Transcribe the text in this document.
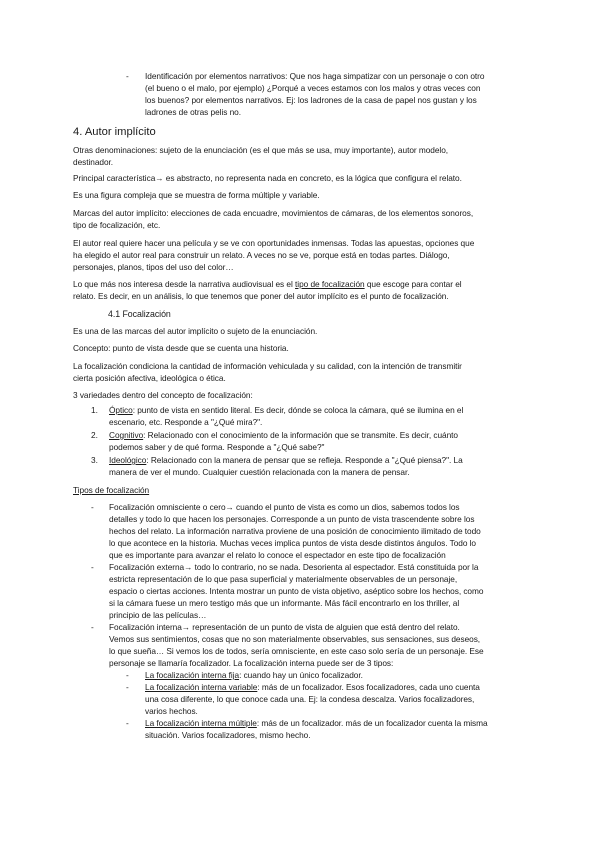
- Identificación por elementos narrativos: Que nos haga simpatizar con un personaje o con otro
(el bueno o el malo, por ejemplo) ¿Porqué a veces estamos con los malos y otras veces con
los buenos? por elementos narrativos. Ej: los ladrones de la casa de papel nos gustan y los
ladrones de otras pelis no.
4. Autor implícito
Otras denominaciones: sujeto de la enunciación (es el que más se usa, muy importante), autor modelo,
destinador.
Principal característica→ es abstracto, no representa nada en concreto, es la lógica que configura el relato.
Es una figura compleja que se muestra de forma múltiple y variable.
Marcas del autor implícito: elecciones de cada encuadre, movimientos de cámaras, de los elementos sonoros,
tipo de focalización, etc.
El autor real quiere hacer una película y se ve con oportunidades inmensas. Todas las apuestas, opciones que
ha elegido el autor real para construir un relato. A veces no se ve, porque está en todas partes. Diálogo,
personajes, planos, tipos del uso del color…
Lo que más nos interesa desde la narrativa audiovisual es el tipo de focalización que escoge para contar el
relato. Es decir, en un análisis, lo que tenemos que poner del autor implícito es el punto de focalización.
4.1 Focalización
Es una de las marcas del autor implícito o sujeto de la enunciación.
Concepto: punto de vista desde que se cuenta una historia.
La focalización condiciona la cantidad de información vehiculada y su calidad, con la intención de transmitir
cierta posición afectiva, ideológica o ética.
3 variedades dentro del concepto de focalización:
1. Óptico: punto de vista en sentido literal. Es decir, dónde se coloca la cámara, qué se ilumina en el
escenario, etc. Responde a "¿Qué mira?".
2. Cognitivo: Relacionado con el conocimiento de la información que se transmite. Es decir, cuánto
podemos saber y de qué forma. Responde a "¿Qué sabe?"
3. Ideológico: Relacionado con la manera de pensar que se refleja. Responde a "¿Qué piensa?". La
manera de ver el mundo. Cualquier cuestión relacionada con la manera de pensar.
Tipos de focalización
- Focalización omnisciente o cero→ cuando el punto de vista es como un dios, sabemos todos los
detalles y todo lo que hacen los personajes. Corresponde a un punto de vista trascendente sobre los
hechos del relato. La información narrativa proviene de una posición de conocimiento ilimitado de todo
lo que acontece en la historia. Muchas veces implica puntos de vista desde distintos ángulos. Todo lo
que es importante para avanzar el relato lo conoce el espectador en este tipo de focalización
- Focalización externa→ todo lo contrario, no se nada. Desorienta al espectador. Está constituida por la
estricta representación de lo que pasa superficial y materialmente observables de un personaje,
espacio o ciertas acciones. Intenta mostrar un punto de vista objetivo, aséptico sobre los hechos, como
si la cámara fuese un mero testigo más que un informante. Más fácil encontrarlo en los thriller, al
principio de las películas…
- Focalización interna→ representación de un punto de vista de alguien que está dentro del relato.
Vemos sus sentimientos, cosas que no son materialmente observables, sus sensaciones, sus deseos,
lo que sueña… Si vemos los de todos, sería omnisciente, en este caso solo sería de un personaje. Ese
personaje se llamaría focalizador. La focalización interna puede ser de 3 tipos:
- La focalización interna fija: cuando hay un único focalizador.
- La focalización interna variable: más de un focalizador. Esos focalizadores, cada uno cuenta
una cosa diferente, lo que conoce cada una. Ej: la condesa descalza. Varios focalizadores,
varios hechos.
- La focalización interna múltiple: más de un focalizador. más de un focalizador cuenta la misma
situación. Varios focalizadores, mismo hecho.
